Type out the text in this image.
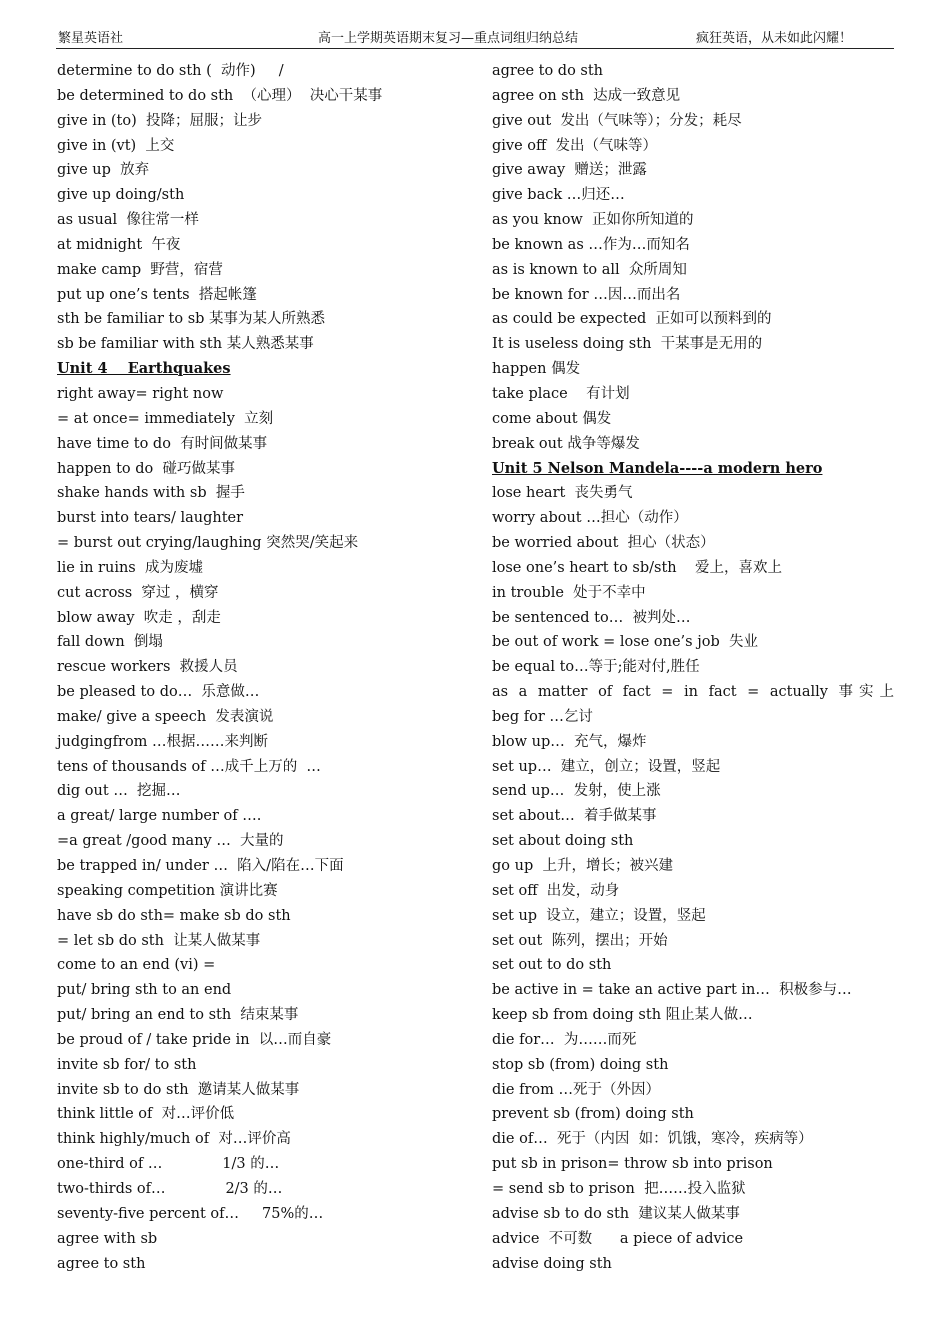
繁星英语社	高一上学期英语期末复习—重点词组归纳总结	疯狂英语，从未如此闪耀！
determine to do sth (  动作)     /
be determined to do sth  （心理）  决心干某事
give in (to)  投降；屈服；让步
give in (vt)  上交
give up  放弃
give up doing/sth
as usual  像往常一样
at midnight  午夜
make camp  野营，宿营
put up one’s tents  搭起帐篷
sth be familiar to sb 某事为某人所熟悉
sb be familiar with sth 某人熟悉某事
Unit 4    Earthquakes
right away= right now
= at once= immediately  立刻
have time to do  有时间做某事
happen to do  碰巧做某事
shake hands with sb  握手
burst into tears/ laughter
= burst out crying/laughing 突然哭/笑起来
lie in ruins  成为废墟
cut across  穿过 ，横穿
blow away  吹走 ，刮走
fall down  倒塌
rescue workers  救援人员
be pleased to do…  乐意做…
make/ give a speech  发表演说
judgingfrom …根据……来判断
tens of thousands of …成千上万的  …
dig out …  挖掘…
a great/ large number of ….
=a great /good many …  大量的
be trapped in/ under …  陷入/陷在…下面
speaking competition 演讲比赛
have sb do sth= make sb do sth
= let sb do sth  让某人做某事
come to an end (vi) =
put/ bring sth to an end
put/ bring an end to sth  结束某事
be proud of / take pride in  以…而自豪
invite sb for/ to sth
invite sb to do sth  邀请某人做某事
think little of  对…评价低
think highly/much of  对…评价高
one-third of …             1/3 的…
two-thirds of…             2/3 的…
seventy-five percent of…     75%的…
agree with sb
agree to sth
agree to do sth
agree on sth  达成一致意见
give out  发出（气味等）；分发；耗尽
give off  发出（气味等）
give away  赠送；泄露
give back …归还…
as you know  正如你所知道的
be known as …作为…而知名
as is known to all  众所周知
be known for …因…而出名
as could be expected  正如可以预料到的
It is useless doing sth  干某事是无用的
happen 偶发
take place    有计划
come about 偶发
break out 战争等爆发
Unit 5 Nelson Mandela----a modern hero
lose heart  丧失勇气
worry about …担心（动作）
be worried about  担心（状态）
lose one’s heart to sb/sth    爱上，喜欢上
in trouble  处于不幸中
be sentenced to…  被判处…
be out of work = lose one’s job  失业
be equal to…等于;能对付,胜任
as a matter of fact = in fact = actually 事实上
beg for …乞讨
blow up…  充气，爆炸
set up…  建立，创立；设置，竖起
send up…  发射，使上涨
set about…  着手做某事
set about doing sth
go up  上升，增长；被兴建
set off  出发，动身
set up  设立，建立；设置，竖起
set out  陈列，摆出；开始
set out to do sth
be active in = take an active part in…  积极参与…
keep sb from doing sth 阻止某人做…
die for…  为……而死
stop sb (from) doing sth
die from …死于（外因）
prevent sb (from) doing sth
die of…  死于（内因  如：饥饿，寒冷，疾病等）
put sb in prison= throw sb into prison
= send sb to prison  把……投入监狱
advise sb to do sth  建议某人做某事
advice  不可数      a piece of advice
advise doing sth
